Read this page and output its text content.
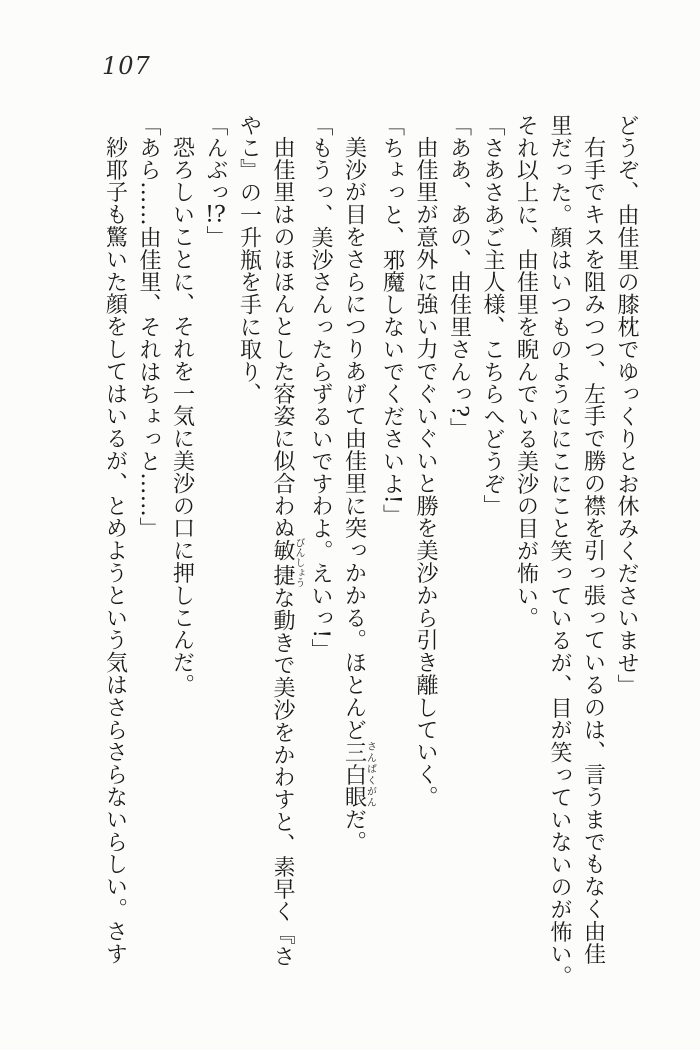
107
どうぞ、由佳里の膝枕でゆっくりとお休みくださいませ」
右手でキスを阻みつつ、左手で勝の襟を引っ張っているのは、言うまでもなく由佳
里だった。顔はいつものようににこにこと笑っているが、目が笑っていないのが怖い。
それ以上に、由佳里を睨んでいる美沙の目が怖い。
「さあさあご主人様、こちらへどうぞ」
「ああ、あの、由佳里さんっ?」
由佳里が意外に強い力でぐいぐいと勝を美沙から引き離していく。
「ちょっと、邪魔しないでくださいよ!」
美沙が目をさらにつりあげて由佳里に突っかかる。ほとんど三白眼さんぱくがんだ。
「もうっ、美沙さんったらずるいですわよ。えいっ!」
由佳里はのほほんとした容姿に似合わぬ敏捷びんしょうな動きで美沙をかわすと、素早く『さ
やこ』の一升瓶を手に取り、
「んぶっ!?」
恐ろしいことに、それを一気に美沙の口に押しこんだ。
「あら……由佳里、それはちょっと……」
紗耶子も驚いた顔をしてはいるが、とめようという気はさらさらないらしい。さす
